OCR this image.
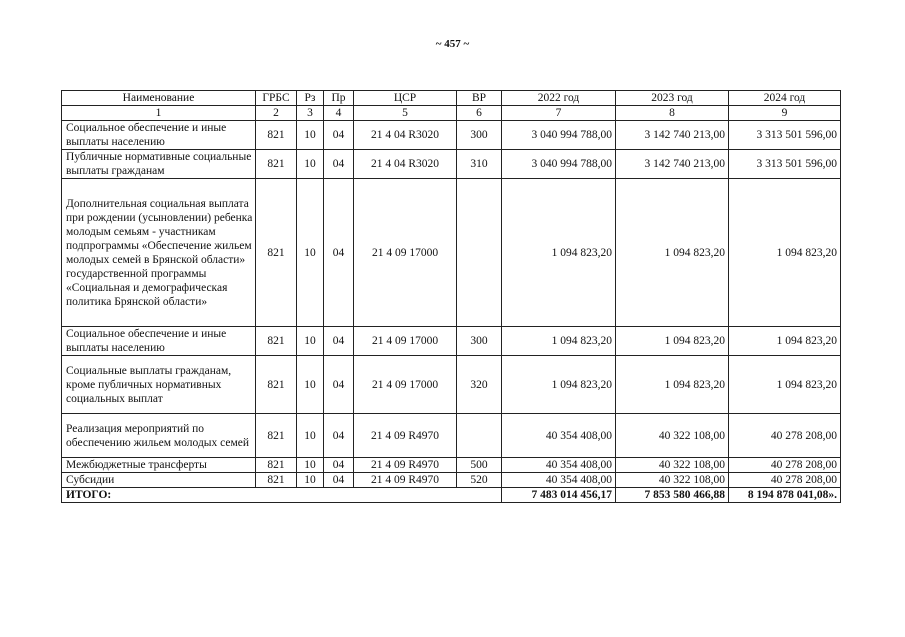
~ 457 ~
Наименование	ГРБС	Рз	Пр	ЦСР	ВР	2022 год	2023 год	2024 год
1	2	3	4	5	6	7	8	9
Социальное обеспечение и иные выплаты населению	821	10	04	21 4 04 R3020	300	3 040 994 788,00	3 142 740 213,00	3 313 501 596,00
Публичные нормативные социальные выплаты гражданам	821	10	04	21 4 04 R3020	310	3 040 994 788,00	3 142 740 213,00	3 313 501 596,00
Дополнительная социальная выплата при рождении (усыновлении) ребенка молодым семьям - участникам подпрограммы «Обеспечение жильем молодых семей в Брянской области» государственной программы «Социальная и демографическая политика Брянской области»	821	10	04	21 4 09 17000		1 094 823,20	1 094 823,20	1 094 823,20
Социальное обеспечение и иные выплаты населению	821	10	04	21 4 09 17000	300	1 094 823,20	1 094 823,20	1 094 823,20
Социальные выплаты гражданам, кроме публичных нормативных социальных выплат	821	10	04	21 4 09 17000	320	1 094 823,20	1 094 823,20	1 094 823,20
Реализация мероприятий по обеспечению жильем молодых семей	821	10	04	21 4 09 R4970		40 354 408,00	40 322 108,00	40 278 208,00
Межбюджетные трансферты	821	10	04	21 4 09 R4970	500	40 354 408,00	40 322 108,00	40 278 208,00
Субсидии	821	10	04	21 4 09 R4970	520	40 354 408,00	40 322 108,00	40 278 208,00
ИТОГО:						7 483 014 456,17	7 853 580 466,88	8 194 878 041,08».
